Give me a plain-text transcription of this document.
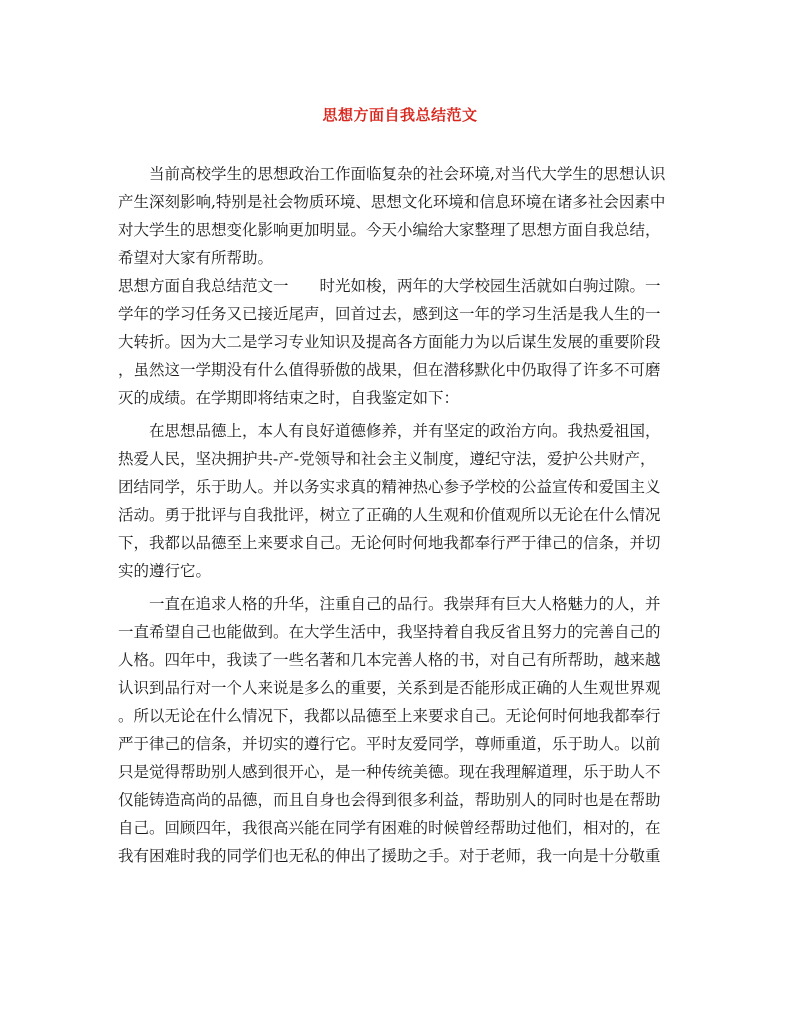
思想方面自我总结范文
　　当前高校学生的思想政治工作面临复杂的社会环境,对当代大学生的思想认识
产生深刻影响,特别是社会物质环境、思想文化环境和信息环境在诸多社会因素中
对大学生的思想变化影响更加明显。今天小编给大家整理了思想方面自我总结，
希望对大家有所帮助。
思想方面自我总结范文一　　时光如梭，两年的大学校园生活就如白驹过隙。一
学年的学习任务又已接近尾声，回首过去，感到这一年的学习生活是我人生的一
大转折。因为大二是学习专业知识及提高各方面能力为以后谋生发展的重要阶段
，虽然这一学期没有什么值得骄傲的战果，但在潜移默化中仍取得了许多不可磨
灭的成绩。在学期即将结束之时，自我鉴定如下：
　　在思想品德上，本人有良好道德修养，并有坚定的政治方向。我热爱祖国，
热爱人民，坚决拥护共-产-党领导和社会主义制度，遵纪守法，爱护公共财产，
团结同学，乐于助人。并以务实求真的精神热心参予学校的公益宣传和爱国主义
活动。勇于批评与自我批评，树立了正确的人生观和价值观所以无论在什么情况
下，我都以品德至上来要求自己。无论何时何地我都奉行严于律己的信条，并切
实的遵行它。
　　一直在追求人格的升华，注重自己的品行。我崇拜有巨大人格魅力的人，并
一直希望自己也能做到。在大学生活中，我坚持着自我反省且努力的完善自己的
人格。四年中，我读了一些名著和几本完善人格的书，对自己有所帮助，越来越
认识到品行对一个人来说是多么的重要，关系到是否能形成正确的人生观世界观
。所以无论在什么情况下，我都以品德至上来要求自己。无论何时何地我都奉行
严于律己的信条，并切实的遵行它。平时友爱同学，尊师重道，乐于助人。以前
只是觉得帮助别人感到很开心，是一种传统美德。现在我理解道理，乐于助人不
仅能铸造高尚的品德，而且自身也会得到很多利益，帮助别人的同时也是在帮助
自己。回顾四年，我很高兴能在同学有困难的时候曾经帮助过他们，相对的，在
我有困难时我的同学们也无私的伸出了援助之手。对于老师，我一向是十分敬重
